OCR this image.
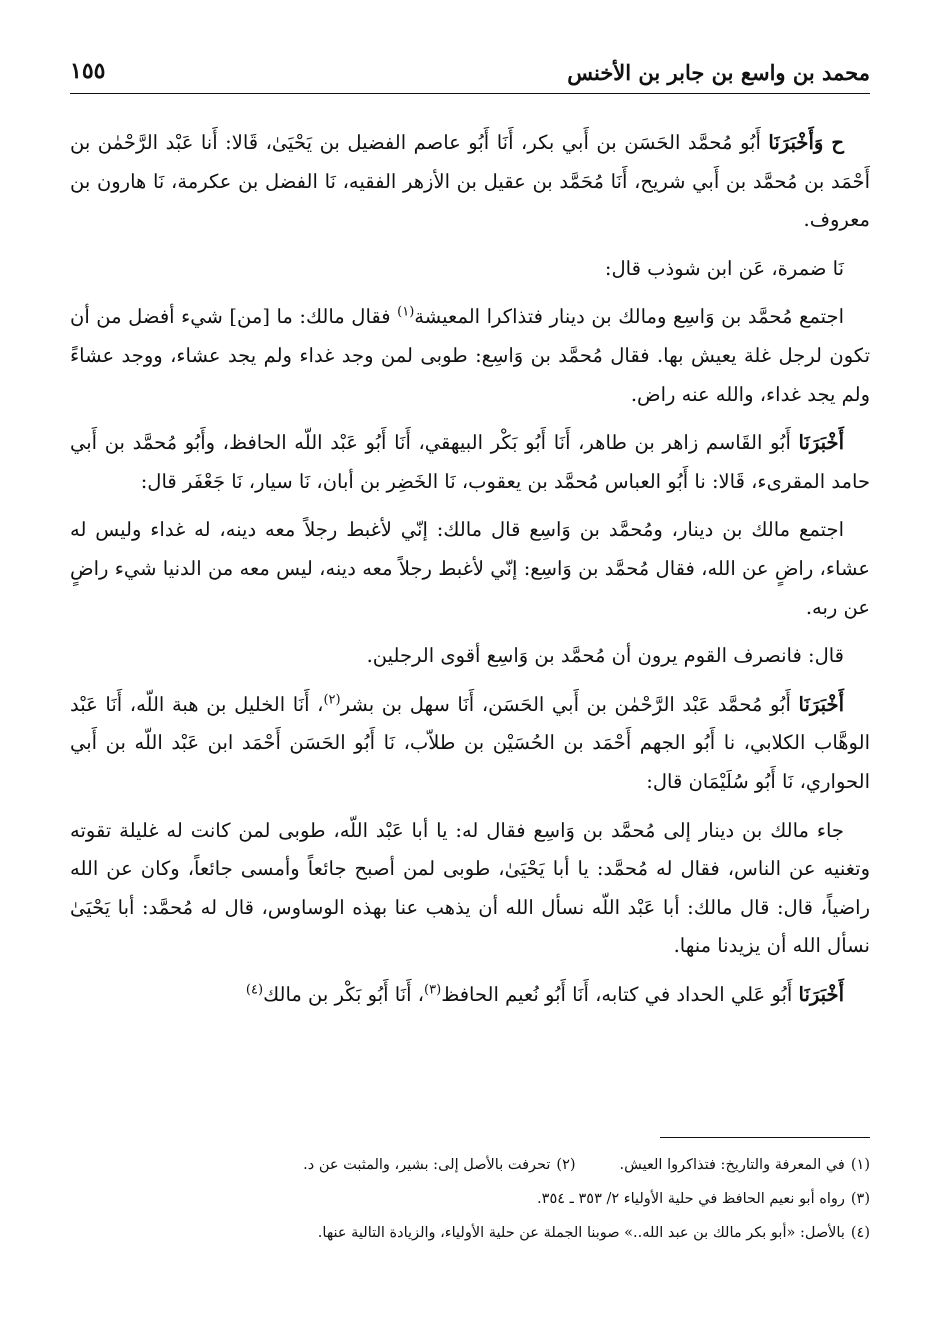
محمد بن واسع بن جابر بن الأخنس
١٥٥

ح وَأَخْبَرَنَا أَبُو مُحمَّد الحَسَن بن أَبي بكر، أَنَا أَبُو عاصم الفضيل بن يَحْيَىٰ، قَالا: أَنا عَبْد الرَّحْمٰن بن أَحْمَد بن مُحمَّد بن أَبي شريح، أَنَا مُحَمَّد بن عقيل بن الأزهر الفقيه، نَا الفضل بن عكرمة، نَا هارون بن معروف.

نَا ضمرة، عَن ابن شوذب قال:

اجتمع مُحمَّد بن وَاسِع ومالك بن دينار فتذاكرا المعيشة$^{(١)}$ فقال مالك: ما [من] شيء أفضل من أن تكون لرجل غلة يعيش بها. فقال مُحمَّد بن وَاسِع: طوبى لمن وجد غداء ولم يجد عشاء، ووجد عشاءً ولم يجد غداء، والله عنه راض.

أَخْبَرَنَا أَبُو القَاسم زاهر بن طاهر، أَنَا أَبُو بَكْر البيهقي، أَنَا أَبُو عَبْد اللّه الحافظ، وأَبُو مُحمَّد بن أَبي حامد المقرىء، قَالا: نا أَبُو العباس مُحمَّد بن يعقوب، نَا الخَضِر بن أبان، نَا سيار، نَا جَعْفَر قال:

اجتمع مالك بن دينار، ومُحمَّد بن وَاسِع قال مالك: إنّي لأغبط رجلاً معه دينه، له غداء وليس له عشاء، راضٍ عن الله، فقال مُحمَّد بن وَاسِع: إنّي لأغبط رجلاً معه دينه، ليس معه من الدنيا شيء راضٍ عن ربه.

قال: فانصرف القوم يرون أن مُحمَّد بن وَاسِع أقوى الرجلين.

أَخْبَرَنَا أَبُو مُحمَّد عَبْد الرَّحْمٰن بن أَبي الحَسَن، أَنَا سهل بن بشر$^{(٢)}$، أَنَا الخليل بن هبة اللّه، أَنَا عَبْد الوهَّاب الكلابي، نا أَبُو الجهم أَحْمَد بن الحُسَيْن بن طلاّب، نَا أَبُو الحَسَن أَحْمَد ابن عَبْد اللّه بن أَبي الحواري، نَا أَبُو سُلَيْمَان قال:

جاء مالك بن دينار إلى مُحمَّد بن وَاسِع فقال له: يا أبا عَبْد اللّه، طوبى لمن كانت له غليلة تقوته وتغنيه عن الناس، فقال له مُحمَّد: يا أبا يَحْيَىٰ، طوبى لمن أصبح جائعاً وأمسى جائعاً، وكان عن الله راضياً، قال: قال مالك: أبا عَبْد اللّه نسأل الله أن يذهب عنا بهذه الوساوس، قال له مُحمَّد: أبا يَحْيَىٰ نسأل الله أن يزيدنا منها.

أَخْبَرَنَا أَبُو عَلي الحداد في كتابه، أَنَا أَبُو نُعيم الحافظ$^{(٣)}$، أَنَا أَبُو بَكْر بن مالك$^{(٤)}$

(١)في المعرفة والتاريخ: فتذاكروا العيش.(٢)تحرفت بالأصل إلى: بشير، والمثبت عن د.
(٣)رواه أبو نعيم الحافظ في حلية الأولياء ٢/ ٣٥٣ ـ ٣٥٤.
(٤)بالأصل: «أبو بكر مالك بن عبد الله..» صوبنا الجملة عن حلية الأولياء، والزيادة التالية عنها.
